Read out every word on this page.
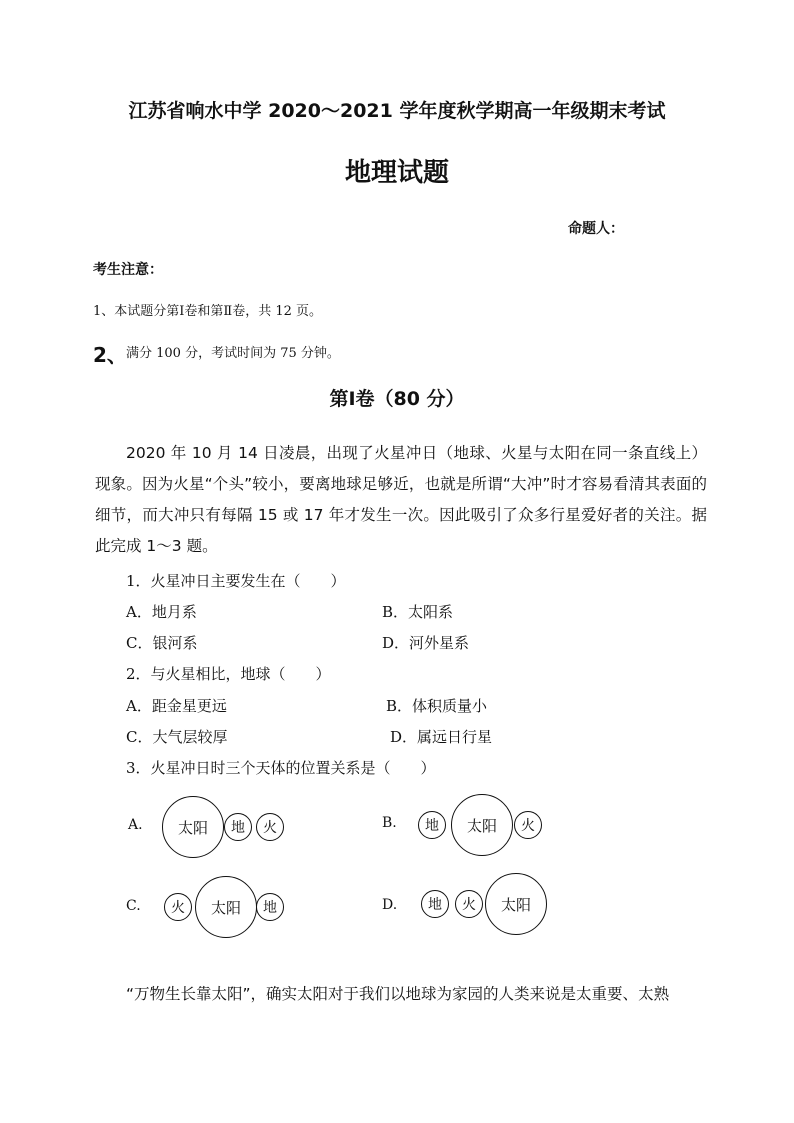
江苏省响水中学 2020～2021 学年度秋学期高一年级期末考试
地理试题
命题人：
考生注意：
1、本试题分第Ⅰ卷和第Ⅱ卷，共 12 页。
2、 满分 100 分，考试时间为 75 分钟。
第Ⅰ卷（80 分）

2020 年 10 月 14 日凌晨，出现了火星冲日（地球、火星与太阳在同一条直线上）现象。因为火星“个头”较小，要离地球足够近，也就是所谓“大冲”时才容易看清其表面的细节，而大冲只有每隔 15 或 17 年才发生一次。因此吸引了众多行星爱好者的关注。据此完成 1～3 题。

1．火星冲日主要发生在（　　）
A．地月系	B．太阳系
C．银河系	D．河外星系
2．与火星相比，地球（　　）
A．距金星更远	B．体积质量小
C．大气层较厚	D．属远日行星
3．火星冲日时三个天体的位置关系是（　　）
A.	太阳	地	火	B.	地	太阳	火
C.	火	太阳	地	D.	地	火	太阳

“万物生长靠太阳”，确实太阳对于我们以地球为家园的人类来说是太重要、太熟
